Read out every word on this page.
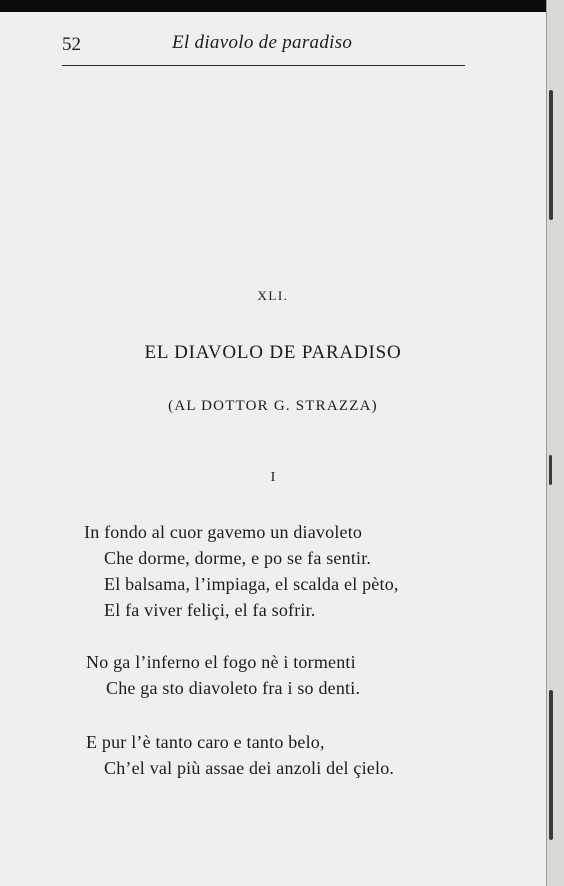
52	El diavolo de paradiso
XLI.
EL DIAVOLO DE PARADISO
(AL DOTTOR G. STRAZZA)
I
In fondo al cuor gavemo un diavoleto
Che dorme, dorme, e po se fa sentir.
El balsama, l’impiaga, el scalda el pèto,
El fa viver feliçi, el fa sofrir.
No ga l’inferno el fogo nè i tormenti
Che ga sto diavoleto fra i so denti.
E pur l’è tanto caro e tanto belo,
Ch’el val più assae dei anzoli del çielo.
